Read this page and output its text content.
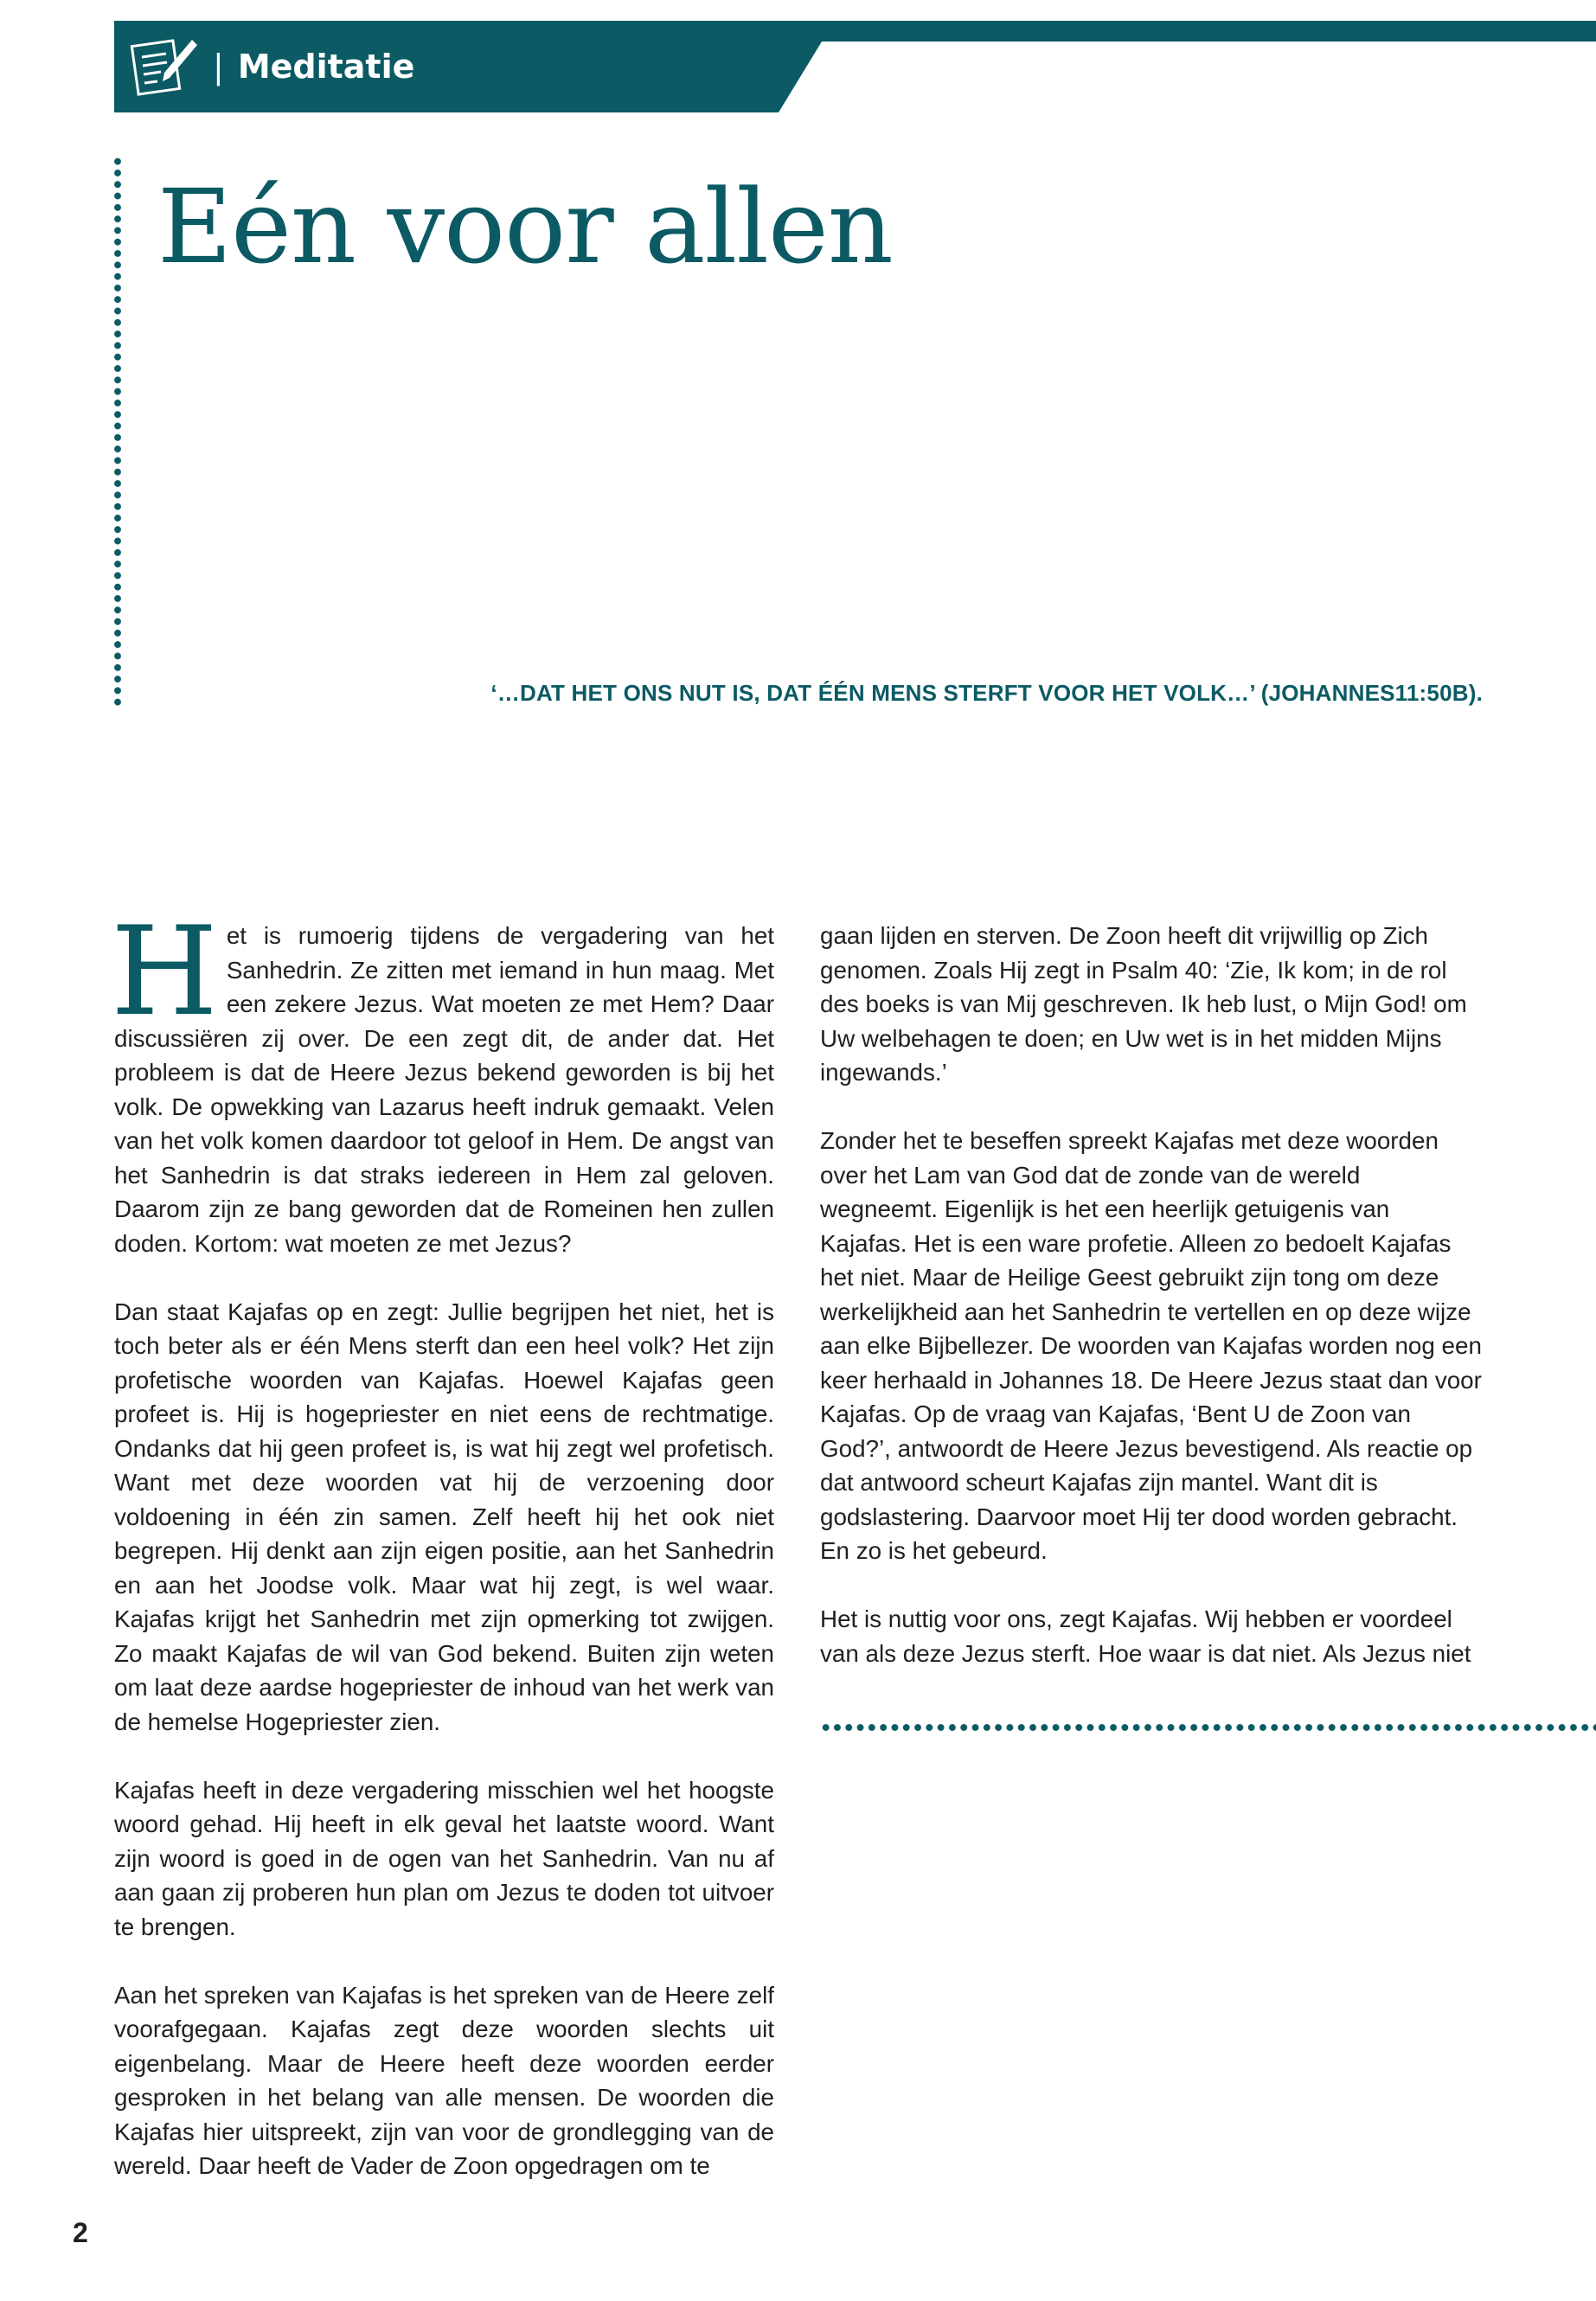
| Meditatie
Eén voor allen
‘…DAT HET ONS NUT IS, DAT ÉÉN MENS STERFT VOOR HET VOLK…’ (JOHANNES11:50B).

Het is rumoerig tijdens de vergadering van het Sanhedrin. Ze zitten met iemand in hun maag. Met een zekere Jezus. Wat moeten ze met Hem? Daar discussiëren zij over. De een zegt dit, de ander dat. Het probleem is dat de Heere Jezus bekend geworden is bij het volk. De opwekking van Lazarus heeft indruk gemaakt. Velen van het volk komen daardoor tot geloof in Hem. De angst van het Sanhedrin is dat straks iedereen in Hem zal geloven. Daarom zijn ze bang geworden dat de Romeinen hen zullen doden. Kortom: wat moeten ze met Jezus?

Dan staat Kajafas op en zegt: Jullie begrijpen het niet, het is toch beter als er één Mens sterft dan een heel volk? Het zijn profetische woorden van Kajafas. Hoewel Kajafas geen profeet is. Hij is hogepriester en niet eens de rechtmatige. Ondanks dat hij geen profeet is, is wat hij zegt wel profetisch. Want met deze woorden vat hij de verzoening door voldoening in één zin samen. Zelf heeft hij het ook niet begrepen. Hij denkt aan zijn eigen positie, aan het Sanhedrin en aan het Joodse volk. Maar wat hij zegt, is wel waar. Kajafas krijgt het Sanhedrin met zijn opmerking tot zwijgen. Zo maakt Kajafas de wil van God bekend. Buiten zijn weten om laat deze aardse hogepriester de inhoud van het werk van de hemelse Hogepriester zien.

Kajafas heeft in deze vergadering misschien wel het hoogste woord gehad. Hij heeft in elk geval het laatste woord. Want zijn woord is goed in de ogen van het Sanhedrin. Van nu af aan gaan zij proberen hun plan om Jezus te doden tot uitvoer te brengen.

Aan het spreken van Kajafas is het spreken van de Heere zelf voorafgegaan. Kajafas zegt deze woorden slechts uit eigenbelang. Maar de Heere heeft deze woorden eerder gesproken in het belang van alle mensen. De woorden die Kajafas hier uitspreekt, zijn van voor de grondlegging van de wereld. Daar heeft de Vader de Zoon opgedragen om te

gaan lijden en sterven. De Zoon heeft dit vrijwillig op Zich genomen. Zoals Hij zegt in Psalm 40: ‘Zie, Ik kom; in de rol des boeks is van Mij geschreven. Ik heb lust, o Mijn God! om Uw welbehagen te doen; en Uw wet is in het midden Mijns ingewands.’

Zonder het te beseffen spreekt Kajafas met deze woorden over het Lam van God dat de zonde van de wereld wegneemt. Eigenlijk is het een heerlijk getuigenis van Kajafas. Het is een ware profetie. Alleen zo bedoelt Kajafas het niet. Maar de Heilige Geest gebruikt zijn tong om deze werkelijkheid aan het Sanhedrin te vertellen en op deze wijze aan elke Bijbellezer. De woorden van Kajafas worden nog een keer herhaald in Johannes 18. De Heere Jezus staat dan voor Kajafas. Op de vraag van Kajafas, ‘Bent U de Zoon van God?’, antwoordt de Heere Jezus bevestigend. Als reactie op dat antwoord scheurt Kajafas zijn mantel. Want dit is godslastering. Daarvoor moet Hij ter dood worden gebracht. En zo is het gebeurd.

Het is nuttig voor ons, zegt Kajafas. Wij hebben er voordeel van als deze Jezus sterft. Hoe waar is dat niet. Als Jezus niet

2
